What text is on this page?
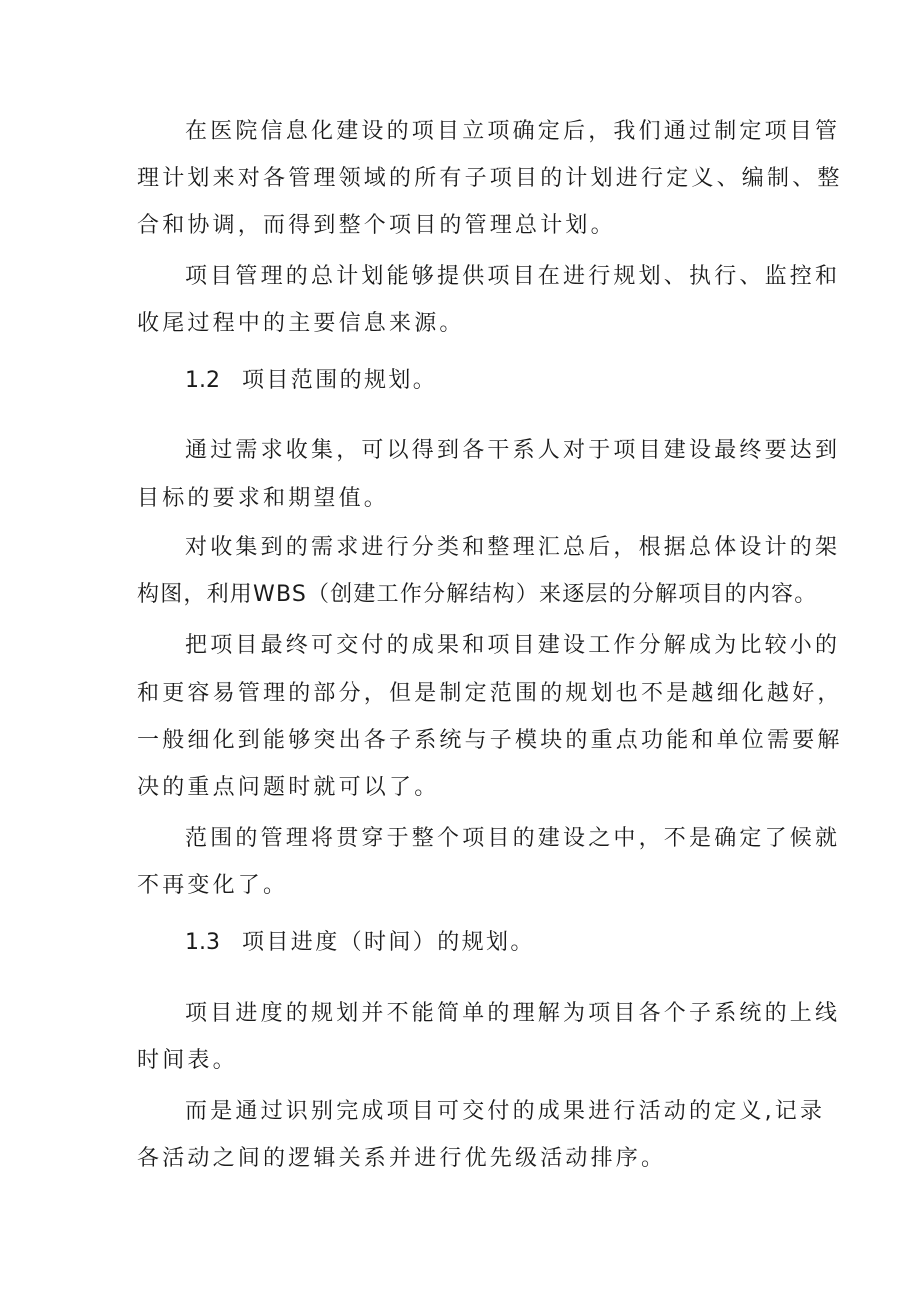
在医院信息化建设的项目立项确定后，我们通过制定项目管
理计划来对各管理领域的所有子项目的计划进行定义、编制、整
合和协调，而得到整个项目的管理总计划。
项目管理的总计划能够提供项目在进行规划、执行、监控和
收尾过程中的主要信息来源。
1.2 项目范围的规划。
通过需求收集，可以得到各干系人对于项目建设最终要达到
目标的要求和期望值。
对收集到的需求进行分类和整理汇总后，根据总体设计的架
构图，利用WBS（创建工作分解结构）来逐层的分解项目的内容。
把项目最终可交付的成果和项目建设工作分解成为比较小的
和更容易管理的部分，但是制定范围的规划也不是越细化越好，
一般细化到能够突出各子系统与子模块的重点功能和单位需要解
决的重点问题时就可以了。
范围的管理将贯穿于整个项目的建设之中，不是确定了候就
不再变化了。
1.3 项目进度（时间）的规划。
项目进度的规划并不能简单的理解为项目各个子系统的上线
时间表。
而是通过识别完成项目可交付的成果进行活动的定义,记录
各活动之间的逻辑关系并进行优先级活动排序。
